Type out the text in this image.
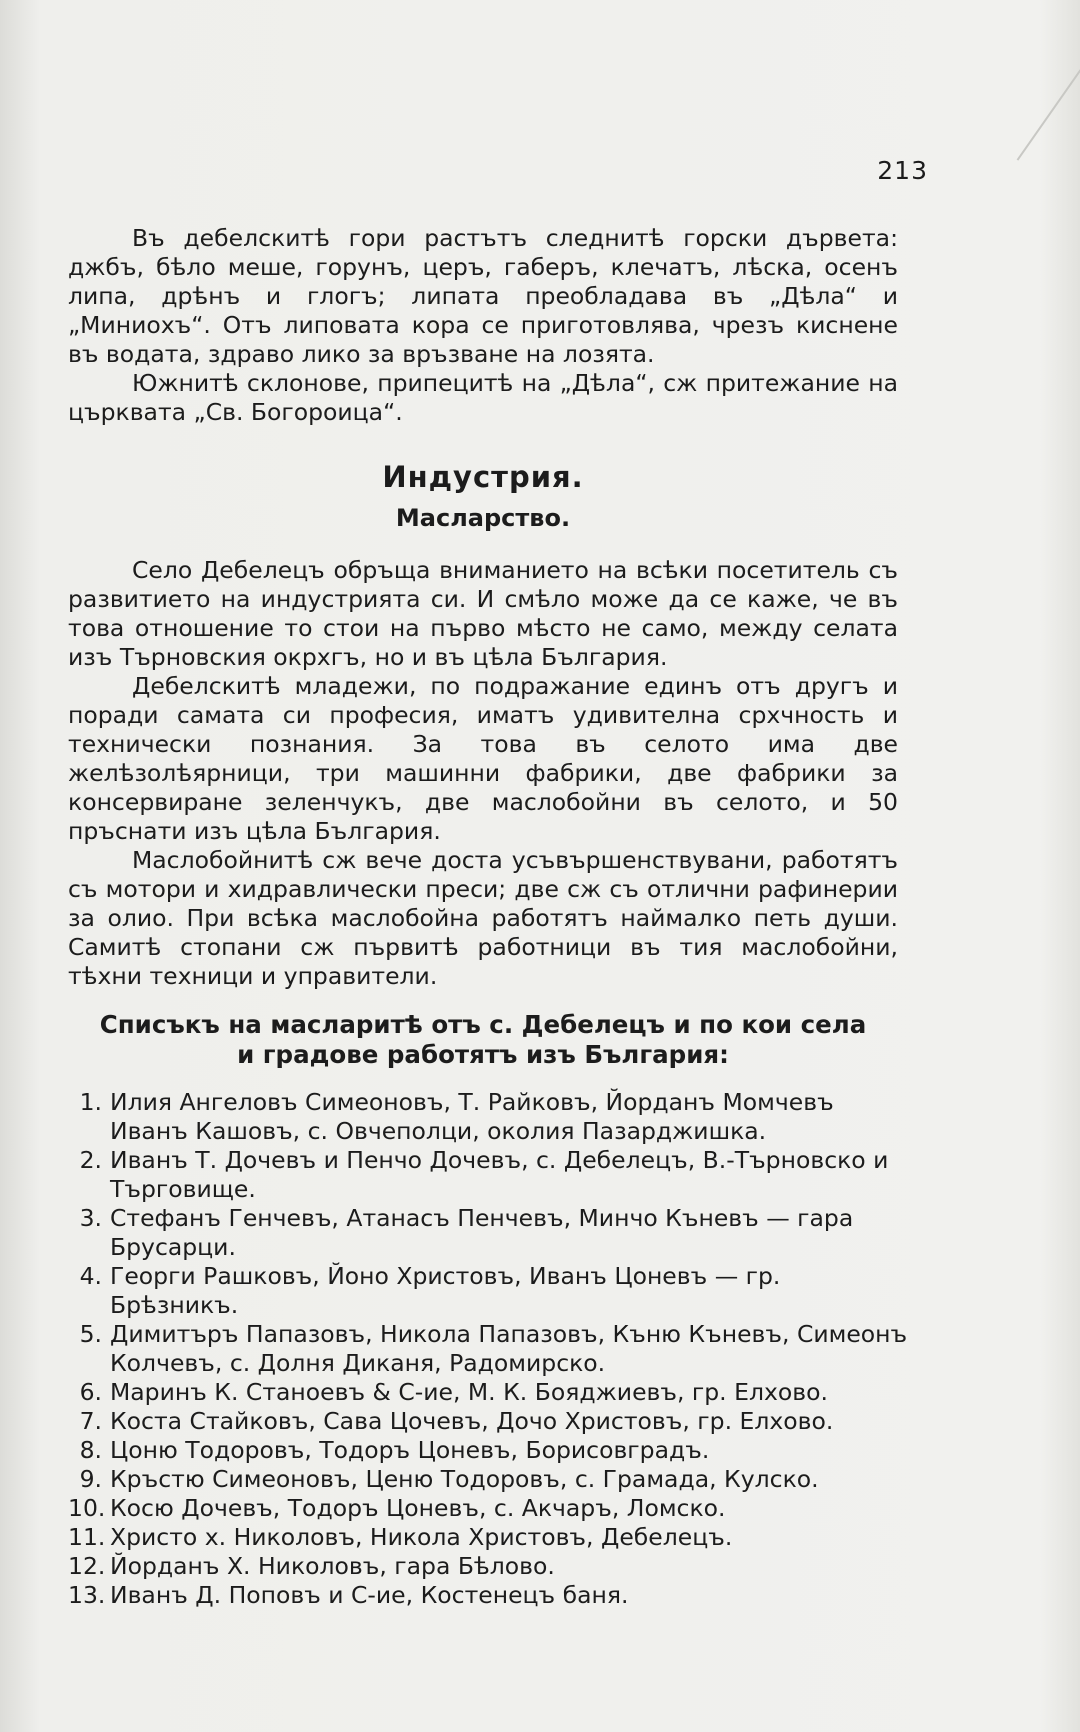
213

Въ дебелскитѣ гори растътъ следнитѣ горски дървета: джбъ, бѣло меше, горунъ, церъ, габеръ, клечатъ, лѣска, осенъ липа, дрѣнъ и глогъ; липата преобладава въ „Дѣла“ и „Миниохъ“. Отъ липовата кора се приготовлява, чрезъ киснене въ водата, здраво лико за връзване на лозята.

Южнитѣ склонове, припецитѣ на „Дѣла“, сж притежание на църквата „Св. Богороица“.

Индустрия.
Масларство.

Село Дебелецъ обръща вниманието на всѣки посетитель съ развитието на индустрията си. И смѣло може да се каже, че въ това отношение то стои на първо мѣсто не само, между селата изъ Търновския окрхгъ, но и въ цѣла България.

Дебелскитѣ младежи, по подражание единъ отъ другъ и поради самата си професия, иматъ удивителна срхчность и технически познания. За това въ селото има две желѣзолѣярници, три машинни фабрики, две фабрики за консервиране зеленчукъ, две маслобойни въ селото, и 50 пръснати изъ цѣла България.

Маслобойнитѣ сж вече доста усъвършенствувани, работятъ съ мотори и хидравлически преси; две сж съ отлични рафинерии за олио. При всѣка маслобойна работятъ наймалко петь души. Самитѣ стопани сж първитѣ работници въ тия маслобойни, тѣхни техници и управители.

Списъкъ на масларитѣ отъ с. Дебелецъ и по кои села
и градове работятъ изъ България:
1. Илия Ангеловъ Симеоновъ, Т. Райковъ, Йорданъ Момчевъ Иванъ Кашовъ, с. Овчеполци, околия Пазарджишка.
2. Иванъ Т. Дочевъ и Пенчо Дочевъ, с. Дебелецъ, В.-Търновско и Търговище.
3. Стефанъ Генчевъ, Атанасъ Пенчевъ, Минчо Къневъ — гара Брусарци.
4. Георги Рашковъ, Йоно Христовъ, Иванъ Цоневъ — гр. Брѣзникъ.
5. Димитъръ Папазовъ, Никола Папазовъ, Къню Къневъ, Симеонъ Колчевъ, с. Долня Диканя, Радомирско.
6. Маринъ К. Станоевъ & С-ие, М. К. Бояджиевъ, гр. Елхово.
7. Коста Стайковъ, Сава Цочевъ, Дочо Христовъ, гр. Елхово.
8. Цоню Тодоровъ, Тодоръ Цоневъ, Борисовградъ.
9. Кръстю Симеоновъ, Ценю Тодоровъ, с. Грамада, Кулско.
10. Косю Дочевъ, Тодоръ Цоневъ, с. Акчаръ, Ломско.
11. Христо х. Николовъ, Никола Христовъ, Дебелецъ.
12. Йорданъ Х. Николовъ, гара Бѣлово.
13. Иванъ Д. Поповъ и С-ие, Костенецъ баня.
